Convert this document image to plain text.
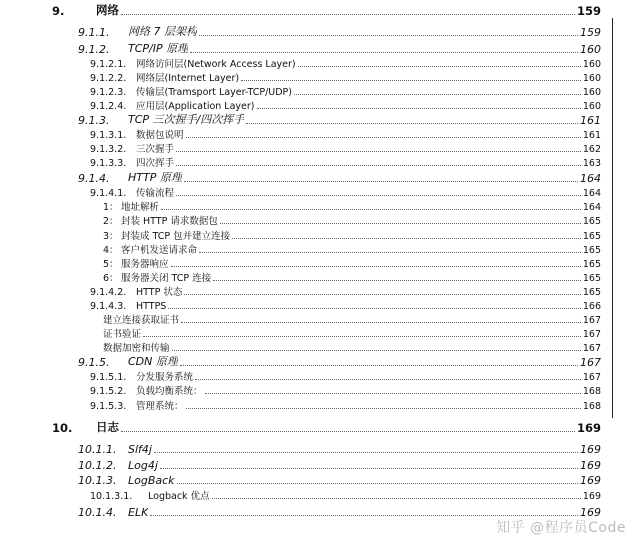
9.	网络	159
9.1.1.	网络 7 层架构	159
9.1.2.	TCP/IP 原理	160
9.1.2.1.	网络访问层(Network Access Layer)	160
9.1.2.2.	网络层(Internet Layer)	160
9.1.2.3.	传输层(Tramsport Layer-TCP/UDP)	160
9.1.2.4.	应用层(Application Layer)	160
9.1.3.	TCP 三次握手/四次挥手	161
9.1.3.1.	数据包说明	161
9.1.3.2.	三次握手	162
9.1.3.3.	四次挥手	163
9.1.4.	HTTP 原理	164
9.1.4.1.	传输流程	164
1： 地址解析	164
2： 封装 HTTP 请求数据包	165
3： 封装成 TCP 包并建立连接	165
4： 客户机发送请求命	165
5： 服务器响应	165
6： 服务器关闭 TCP 连接	165
9.1.4.2.	HTTP 状态	165
9.1.4.3.	HTTPS	166
建立连接获取证书	167
证书验证	167
数据加密和传输	167
9.1.5.	CDN 原理	167
9.1.5.1.	分发服务系统	167
9.1.5.2.	负载均衡系统：	168
9.1.5.3.	管理系统：	168
10.	日志	169
10.1.1.	Slf4j	169
10.1.2.	Log4j	169
10.1.3.	LogBack	169
10.1.3.1.	Logback 优点	169
10.1.4.	ELK	169
知乎 @程序员Code
